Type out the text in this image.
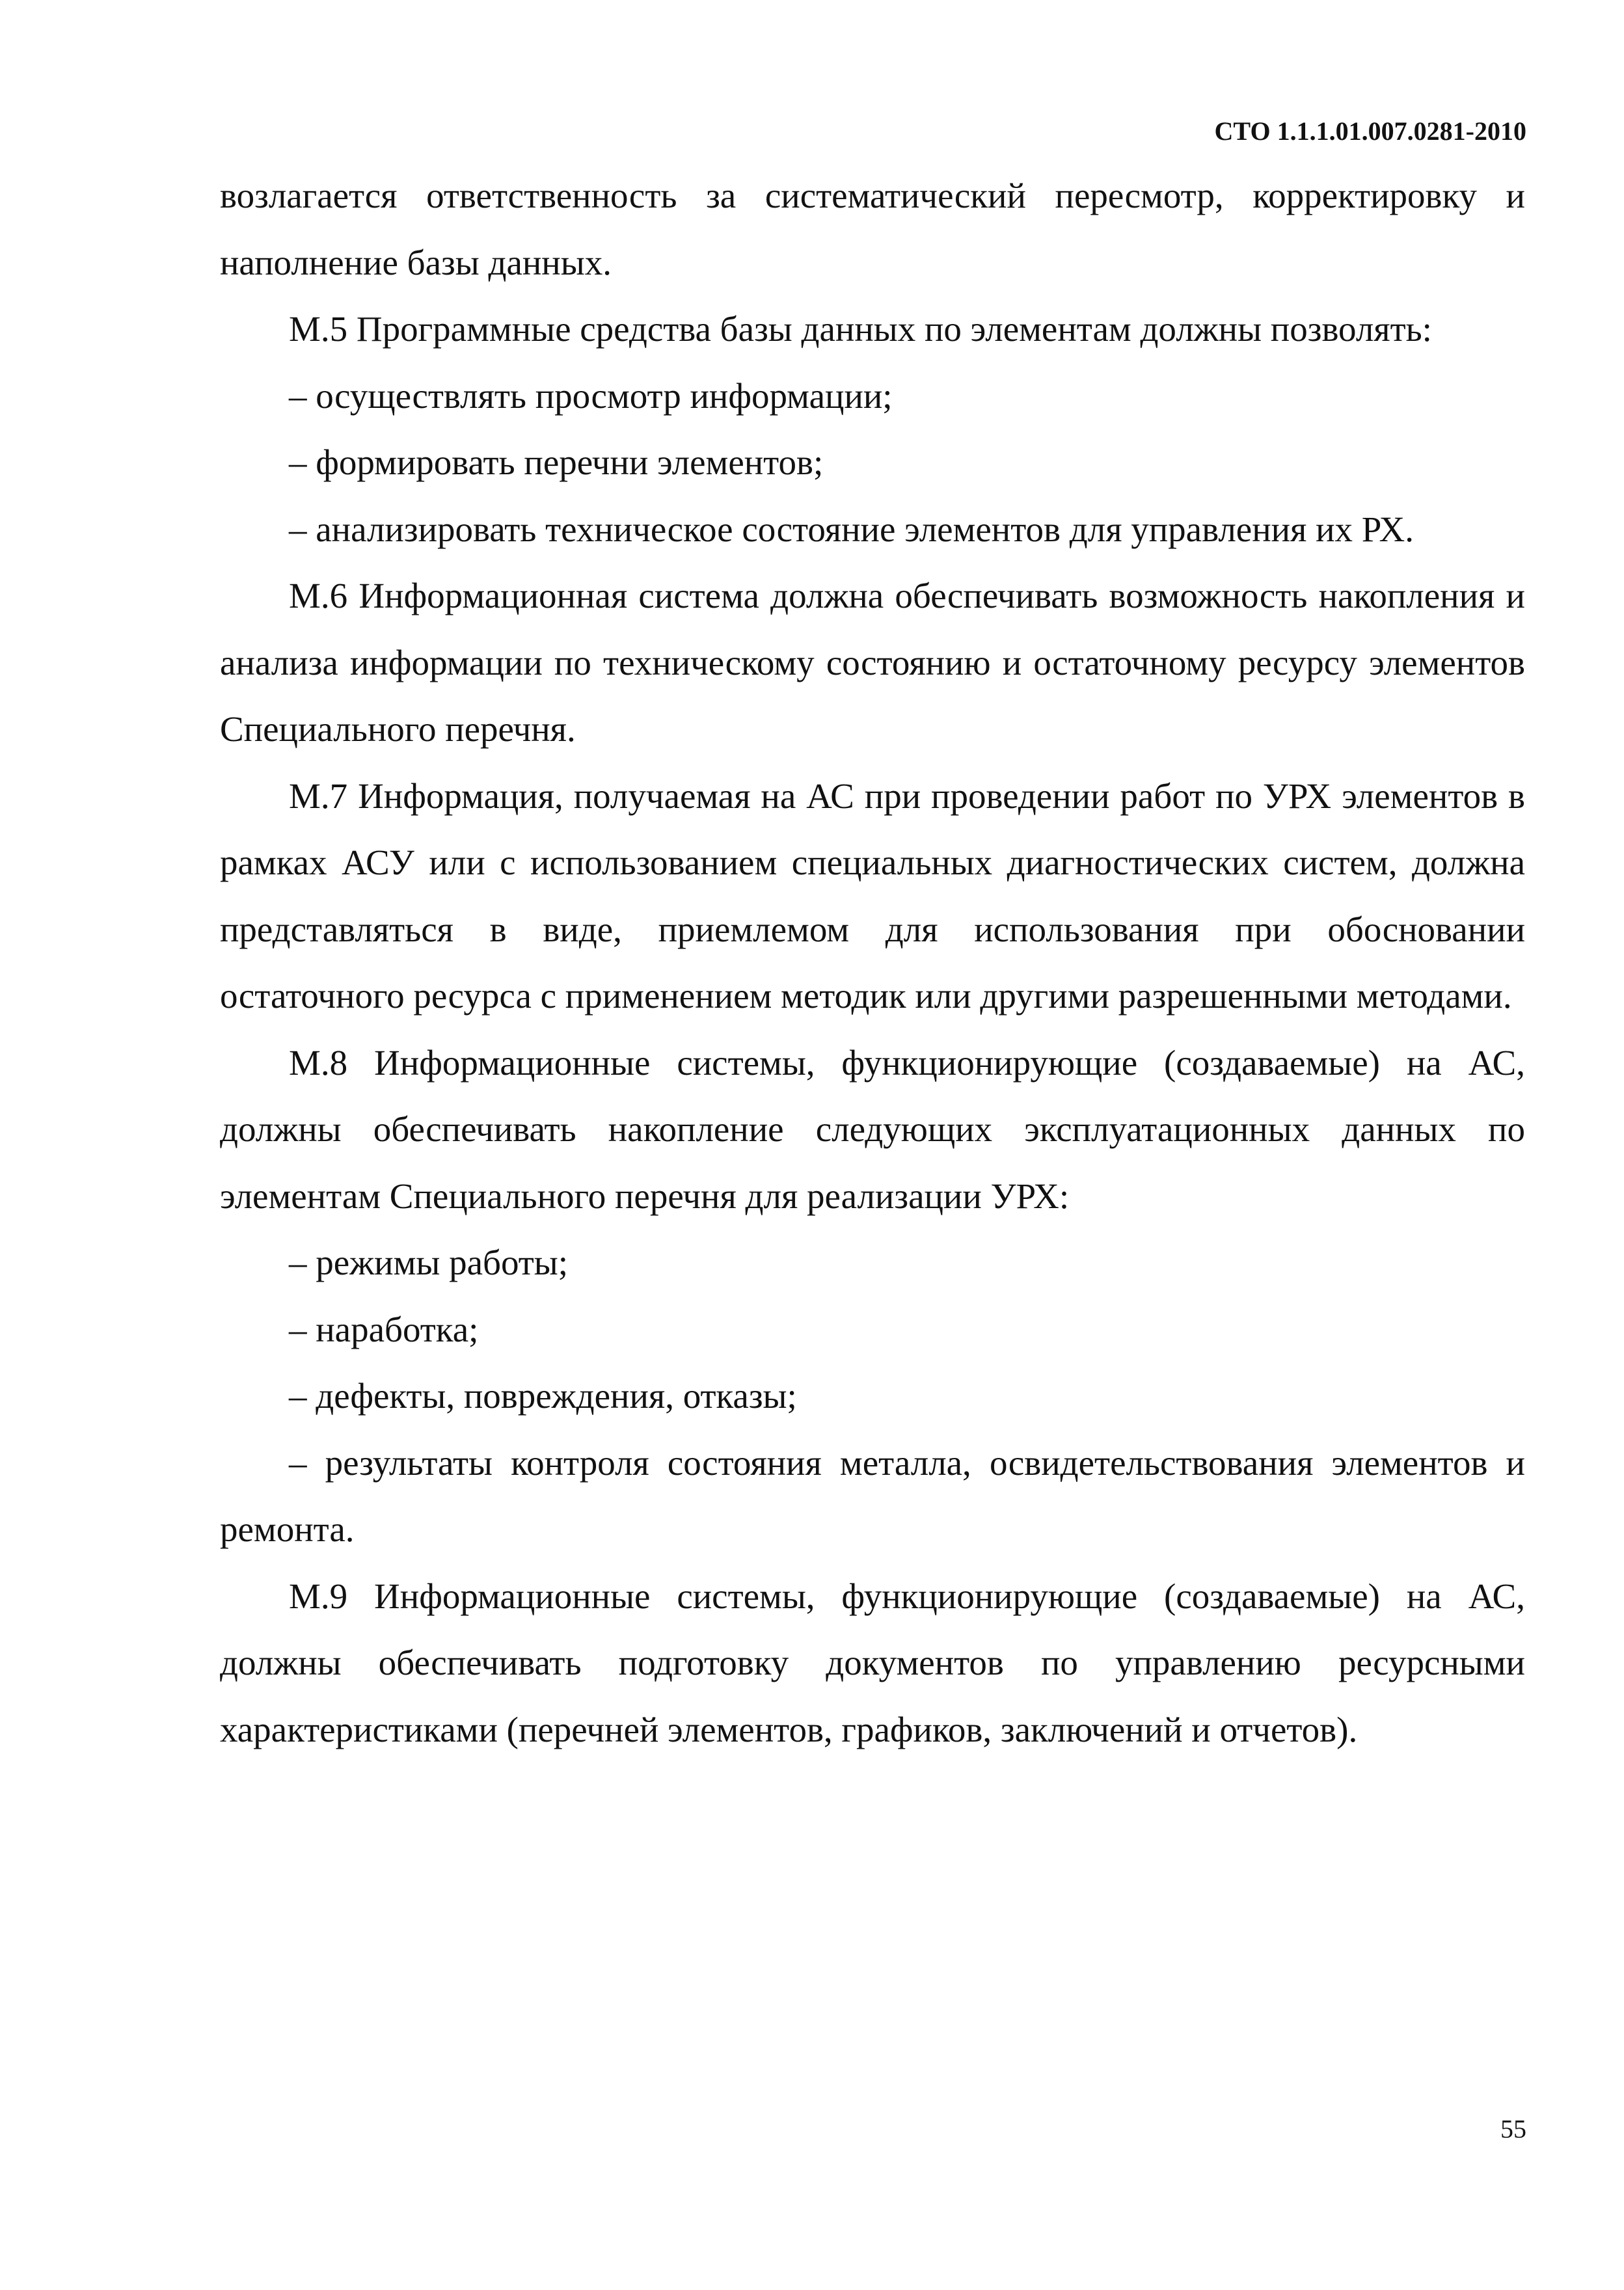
СТО 1.1.1.01.007.0281-2010

возлагается ответственность за систематический пересмотр, корректировку и наполнение базы данных.

М.5 Программные средства базы данных по элементам должны позволять:

– осуществлять просмотр информации;

– формировать перечни элементов;

– анализировать техническое состояние элементов для управления их РХ.

М.6 Информационная система должна обеспечивать возможность накопления и анализа информации по техническому состоянию и остаточному ресурсу элементов Специального перечня.

М.7 Информация, получаемая на АС при проведении работ по УРХ элементов в рамках АСУ или с использованием специальных диагностических систем, должна представляться в виде, приемлемом для использования при обосновании остаточного ресурса с применением методик или другими разрешенными методами.

М.8 Информационные системы, функционирующие (создаваемые) на АС, должны обеспечивать накопление следующих эксплуатационных данных по элементам Специального перечня для реализации УРХ:

– режимы работы;

– наработка;

– дефекты, повреждения, отказы;

– результаты контроля состояния металла, освидетельствования элементов и ремонта.

М.9 Информационные системы, функционирующие (создаваемые) на АС, должны обеспечивать подготовку документов по управлению ресурсными характеристиками (перечней элементов, графиков, заключений и отчетов).

55
